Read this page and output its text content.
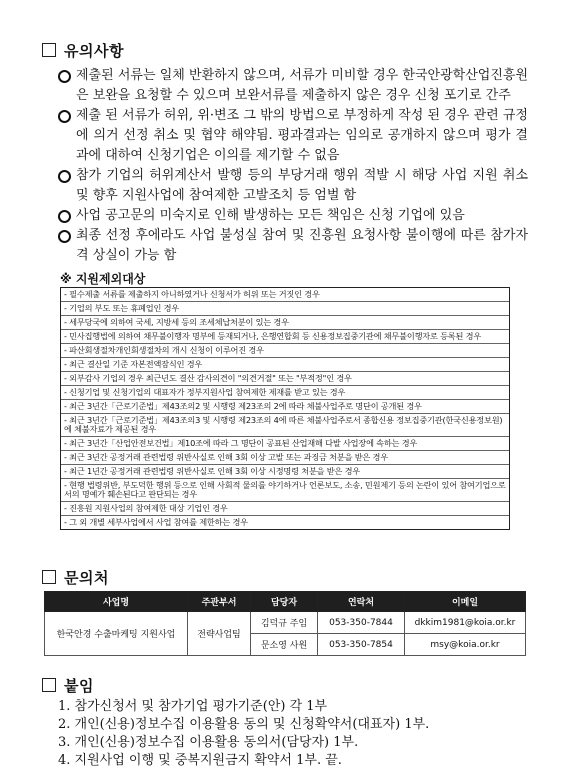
유의사항
제출된 서류는 일체 반환하지 않으며, 서류가 미비할 경우 한국안광학산업진흥원은 보완을 요청할 수 있으며 보완서류를 제출하지 않은 경우 신청 포기로 간주
제출 된 서류가 허위, 위·변조 그 밖의 방법으로 부정하게 작성 된 경우 관련 규정에 의거 선정 취소 및 협약 해약됨. 평과결과는 임의로 공개하지 않으며 평가 결과에 대하여 신청기업은 이의를 제기할 수 없음
참가 기업의 허위계산서 발행 등의 부당거래 행위 적발 시 해당 사업 지원 취소 및 향후 지원사업에 참여제한 고발조치 등 엄벌 함
사업 공고문의 미숙지로 인해 발생하는 모든 책임은 신청 기업에 있음
최종 선정 후에라도 사업 불성실 참여 및 진흥원 요청사항 불이행에 따른 참가자격 상실이 가능 함
※ 지원제외대상
- 필수제출 서류를 제출하지 아니하였거나 신청서가 허위 또는 거짓인 경우
- 기업의 부도 또는 휴폐업인 경우
- 세무당국에 의하여 국세, 지방세 등의 조세체납처분이 있는 경우
- 민사집행법에 의하여 채무불이행자 명부에 등재되거나, 은행연합회 등 신용정보집중기관에 채무불이행자로 등록된 경우
- 파산회생절차개인회생절차의 개시 신청이 이루어진 경우
- 최근 결산일 기준 자본전액잠식인 경우
- 외부감사 기업의 경우 최근년도 결산 감사의견이 "의견거절" 또는 "부적정"인 경우
- 신청기업 및 신청기업의 대표자가 정부지원사업 참여제한 제재를 받고 있는 경우
- 최근 3년간「근로기준법」제43조의2 및 시행령 제23조의 2에 따라 체불사업주로 명단이 공개된 경우
- 최근 3년간「근로기준법」제43조의3 및 시행령 제23조의 4에 따른 체불사업주로서 종합신용 정보집중기관(한국신용정보원)에 체불자료가 제공된 경우
- 최근 3년간「산업안전보건법」제10조에 따라 그 명단이 공표된 산업재해 다발 사업장에 속하는 경우
- 최근 3년간 공정거래 관련법령 위반사실로 인해 3회 이상 고발 또는 과징금 처분을 받은 경우
- 최근 1년간 공정거래 관련법령 위반사실로 인해 3회 이상 시정명령 처분을 받은 경우
- 현행 법령위반, 부도덕한 행위 등으로 인해 사회적 물의를 야기하거나 언론보도, 소송, 민원제기 등의 논란이 있어 참여기업으로서의 명예가 훼손된다고 판단되는 경우
- 진흥원 지원사업의 참여제한 대상 기업인 경우
- 그 외 개별 세부사업에서 사업 참여를 제한하는 경우
문의처
사업명	주관부서	담당자	연락처	이메일
한국안경 수출마케팅 지원사업	전략사업팀	김덕규 주임	053-350-7844	dkkim1981@koia.or.kr
		문소영 사원	053-350-7854	msy@koia.or.kr
붙임
1. 참가신청서 및 참가기업 평가기준(안) 각 1부
2. 개인(신용)정보수집 이용활용 동의 및 신청확약서(대표자) 1부.
3. 개인(신용)정보수집 이용활용 동의서(담당자) 1부.
4. 지원사업 이행 및 중복지원금지 확약서 1부. 끝.
